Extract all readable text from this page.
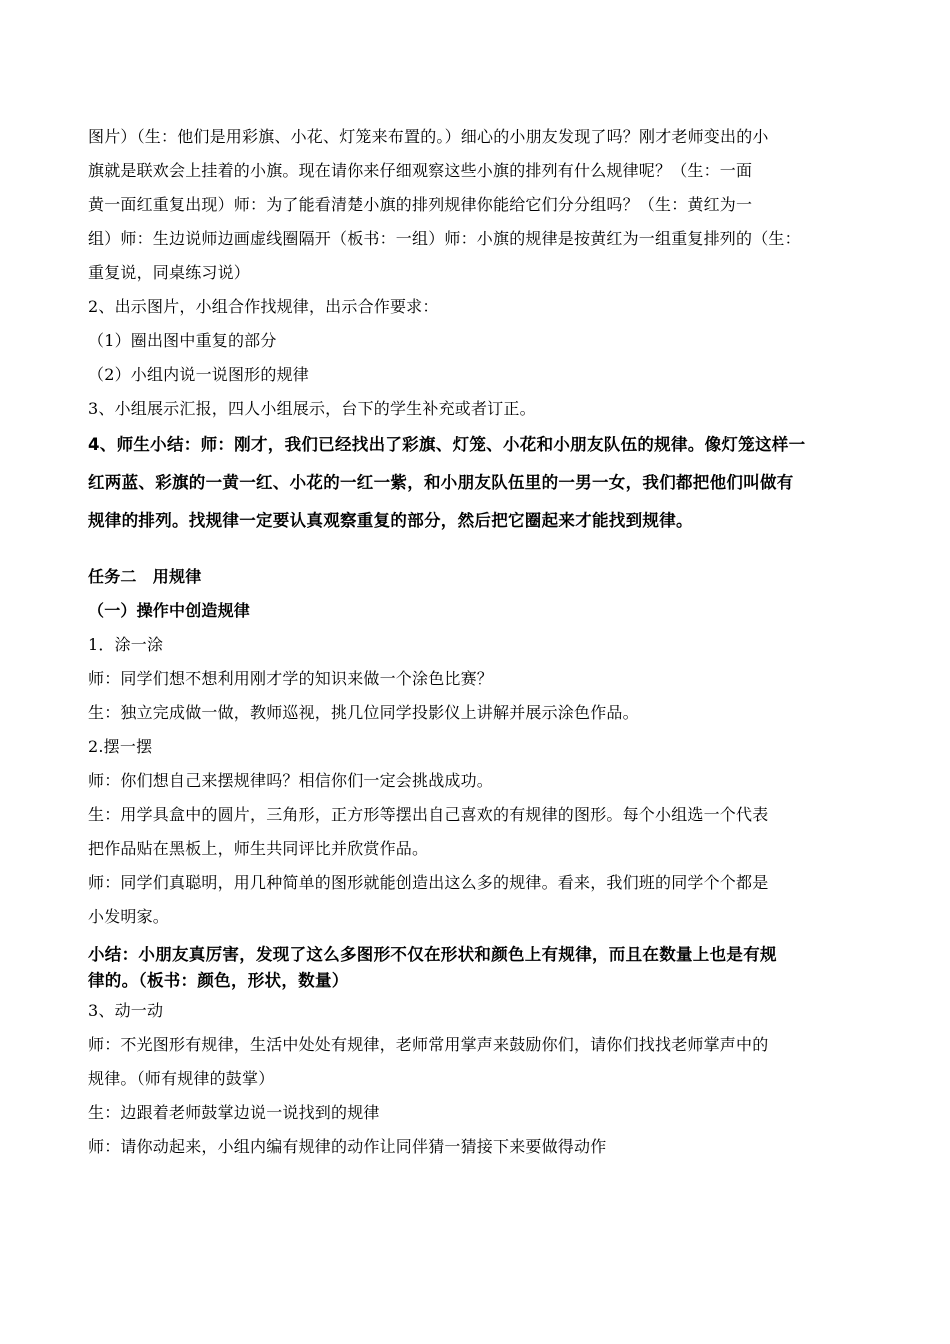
图片）（生：他们是用彩旗、小花、灯笼来布置的。）细心的小朋友发现了吗？刚才老师变出的小
旗就是联欢会上挂着的小旗。现在请你来仔细观察这些小旗的排列有什么规律呢？（生：一面
黄一面红重复出现）师：为了能看清楚小旗的排列规律你能给它们分分组吗？（生：黄红为一
组）师：生边说师边画虚线圈隔开（板书：一组）师：小旗的规律是按黄红为一组重复排列的（生：
重复说，同桌练习说）
2、出示图片，小组合作找规律，出示合作要求：
（1）圈出图中重复的部分
（2）小组内说一说图形的规律
3、小组展示汇报，四人小组展示，台下的学生补充或者订正。
4、师生小结：师：刚才，我们已经找出了彩旗、灯笼、小花和小朋友队伍的规律。像灯笼这样一
红两蓝、彩旗的一黄一红、小花的一红一紫，和小朋友队伍里的一男一女，我们都把他们叫做有
规律的排列。找规律一定要认真观察重复的部分，然后把它圈起来才能找到规律。
任务二　用规律
（一）操作中创造规律
1．涂一涂
师：同学们想不想利用刚才学的知识来做一个涂色比赛？
生：独立完成做一做，教师巡视，挑几位同学投影仪上讲解并展示涂色作品。
2.摆一摆
师：你们想自己来摆规律吗？相信你们一定会挑战成功。
生：用学具盒中的圆片，三角形，正方形等摆出自己喜欢的有规律的图形。每个小组选一个代表
把作品贴在黑板上，师生共同评比并欣赏作品。
师：同学们真聪明，用几种简单的图形就能创造出这么多的规律。看来，我们班的同学个个都是
小发明家。
小结：小朋友真厉害，发现了这么多图形不仅在形状和颜色上有规律，而且在数量上也是有规
律的。（板书：颜色，形状，数量）
3、动一动
师：不光图形有规律，生活中处处有规律，老师常用掌声来鼓励你们，请你们找找老师掌声中的
规律。（师有规律的鼓掌）
生：边跟着老师鼓掌边说一说找到的规律
师：请你动起来，小组内编有规律的动作让同伴猜一猜接下来要做得动作
